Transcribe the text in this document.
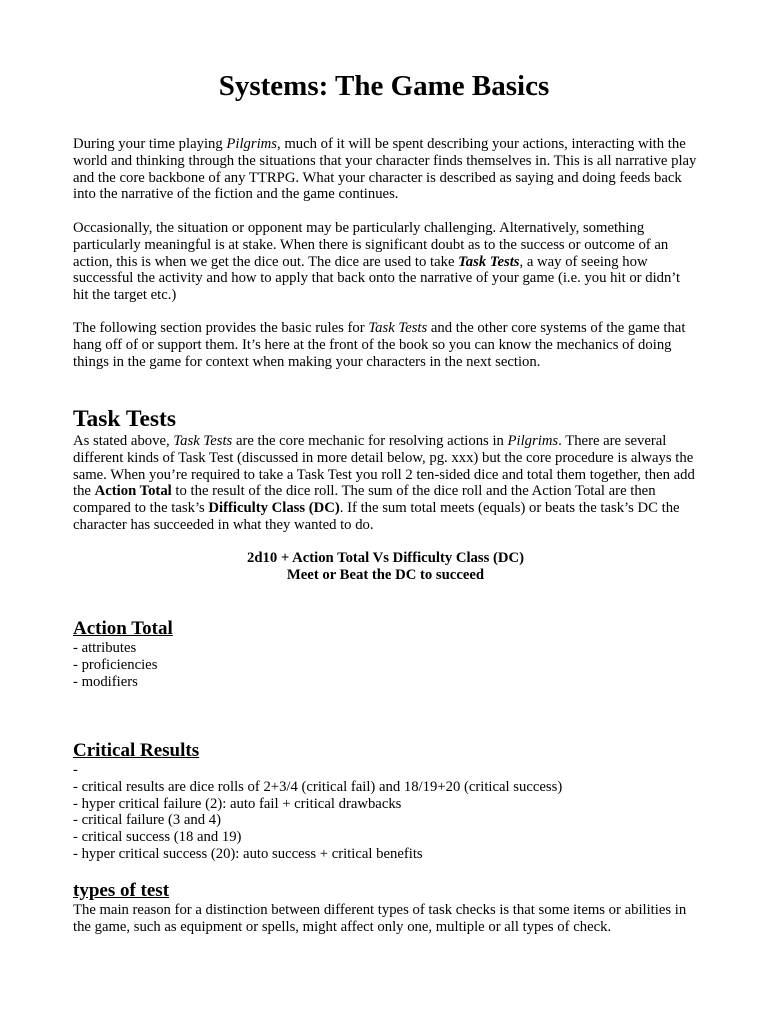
Systems: The Game Basics

During your time playing Pilgrims, much of it will be spent describing your actions, interacting with the world and thinking through the situations that your character finds themselves in. This is all narrative play and the core backbone of any TTRPG. What your character is described as saying and doing feeds back into the narrative of the fiction and the game continues.

Occasionally, the situation or opponent may be particularly challenging. Alternatively, something particularly meaningful is at stake. When there is significant doubt as to the success or outcome of an action, this is when we get the dice out. The dice are used to take Task Tests, a way of seeing how successful the activity and how to apply that back onto the narrative of your game (i.e. you hit or didn’t hit the target etc.)

The following section provides the basic rules for Task Tests and the other core systems of the game that hang off of or support them. It’s here at the front of the book so you can know the mechanics of doing things in the game for context when making your characters in the next section.

Task Tests

As stated above, Task Tests are the core mechanic for resolving actions in Pilgrims. There are several different kinds of Task Test (discussed in more detail below, pg. xxx) but the core procedure is always the same. When you’re required to take a Task Test you roll 2 ten-sided dice and total them together, then add the Action Total to the result of the dice roll. The sum of the dice roll and the Action Total are then compared to the task’s Difficulty Class (DC). If the sum total meets (equals) or beats the task’s DC the character has succeeded in what they wanted to do.

2d10 + Action Total Vs Difficulty Class (DC)
Meet or Beat the DC to succeed
Action Total
- attributes
- proficiencies
- modifiers
Critical Results
-
- critical results are dice rolls of 2+3/4 (critical fail) and 18/19+20 (critical success)
- hyper critical failure (2): auto fail + critical drawbacks
- critical failure (3 and 4)
- critical success (18 and 19)
- hyper critical success (20): auto success + critical benefits
types of test

The main reason for a distinction between different types of task checks is that some items or abilities in the game, such as equipment or spells, might affect only one, multiple or all types of check.
